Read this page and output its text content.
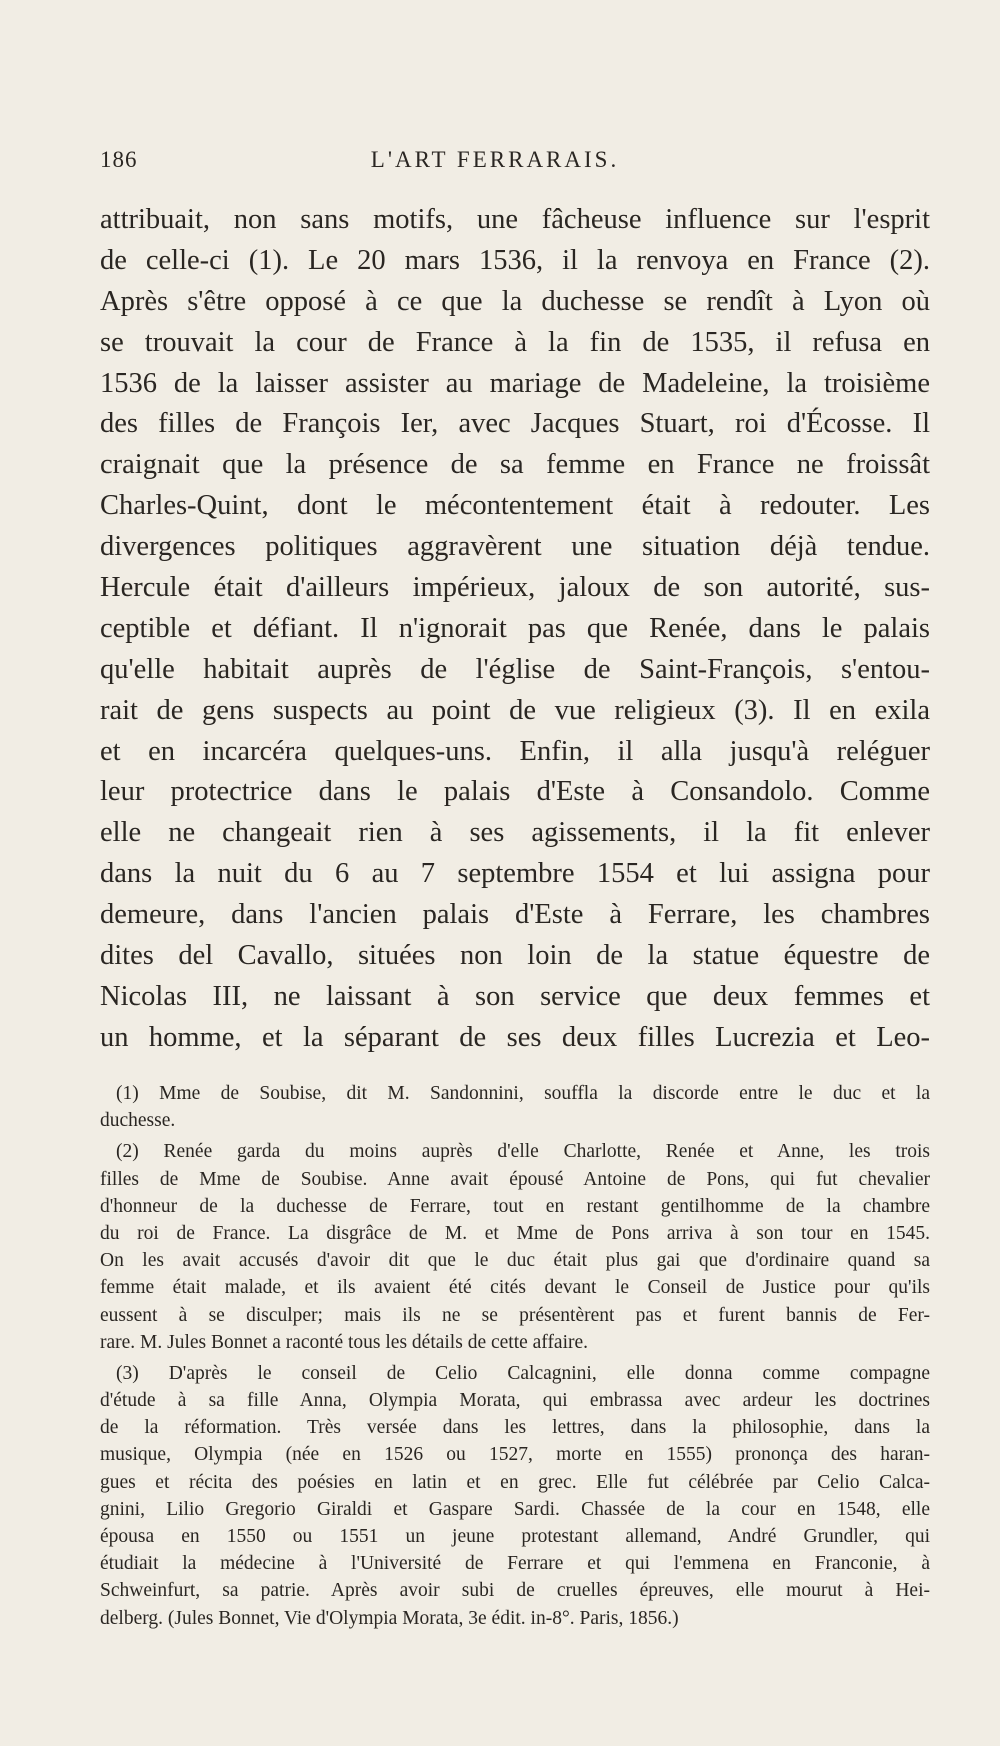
186	L'ART FERRARAIS.
attribuait, non sans motifs, une fâcheuse influence sur l'esprit
de celle-ci (1). Le 20 mars 1536, il la renvoya en France (2).
Après s'être opposé à ce que la duchesse se rendît à Lyon où
se trouvait la cour de France à la fin de 1535, il refusa en
1536 de la laisser assister au mariage de Madeleine, la troisième
des filles de François Ier, avec Jacques Stuart, roi d'Écosse. Il
craignait que la présence de sa femme en France ne froissât
Charles-Quint, dont le mécontentement était à redouter. Les
divergences politiques aggravèrent une situation déjà tendue.
Hercule était d'ailleurs impérieux, jaloux de son autorité, sus-
ceptible et défiant. Il n'ignorait pas que Renée, dans le palais
qu'elle habitait auprès de l'église de Saint-François, s'entou-
rait de gens suspects au point de vue religieux (3). Il en exila
et en incarcéra quelques-uns. Enfin, il alla jusqu'à reléguer
leur protectrice dans le palais d'Este à Consandolo. Comme
elle ne changeait rien à ses agissements, il la fit enlever
dans la nuit du 6 au 7 septembre 1554 et lui assigna pour
demeure, dans l'ancien palais d'Este à Ferrare, les chambres
dites del Cavallo, situées non loin de la statue équestre de
Nicolas III, ne laissant à son service que deux femmes et
un homme, et la séparant de ses deux filles Lucrezia et Leo-
(1) Mme de Soubise, dit M. Sandonnini, souffla la discorde entre le duc et la
duchesse.
(2) Renée garda du moins auprès d'elle Charlotte, Renée et Anne, les trois
filles de Mme de Soubise. Anne avait épousé Antoine de Pons, qui fut chevalier
d'honneur de la duchesse de Ferrare, tout en restant gentilhomme de la chambre
du roi de France. La disgrâce de M. et Mme de Pons arriva à son tour en 1545.
On les avait accusés d'avoir dit que le duc était plus gai que d'ordinaire quand sa
femme était malade, et ils avaient été cités devant le Conseil de Justice pour qu'ils
eussent à se disculper; mais ils ne se présentèrent pas et furent bannis de Fer-
rare. M. Jules Bonnet a raconté tous les détails de cette affaire.
(3) D'après le conseil de Celio Calcagnini, elle donna comme compagne
d'étude à sa fille Anna, Olympia Morata, qui embrassa avec ardeur les doctrines
de la réformation. Très versée dans les lettres, dans la philosophie, dans la
musique, Olympia (née en 1526 ou 1527, morte en 1555) prononça des haran-
gues et récita des poésies en latin et en grec. Elle fut célébrée par Celio Calca-
gnini, Lilio Gregorio Giraldi et Gaspare Sardi. Chassée de la cour en 1548, elle
épousa en 1550 ou 1551 un jeune protestant allemand, André Grundler, qui
étudiait la médecine à l'Université de Ferrare et qui l'emmena en Franconie, à
Schweinfurt, sa patrie. Après avoir subi de cruelles épreuves, elle mourut à Hei-
delberg. (Jules Bonnet, Vie d'Olympia Morata, 3e édit. in-8°. Paris, 1856.)
